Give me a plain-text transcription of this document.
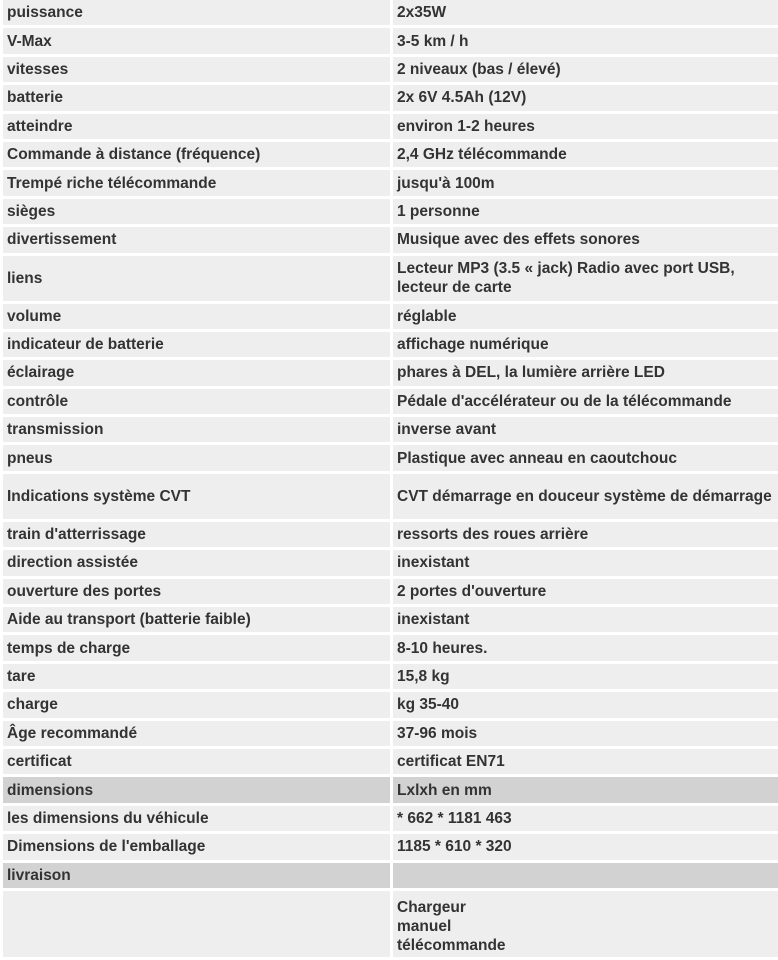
puissance	2x35W
V-Max	3-5 km / h
vitesses	2 niveaux (bas / élevé)
batterie	2x 6V 4.5Ah (12V)
atteindre	environ 1-2 heures
Commande à distance (fréquence)	2,4 GHz télécommande
Trempé riche télécommande	jusqu'à 100m
sièges	1 personne
divertissement	Musique avec des effets sonores
liens	Lecteur MP3 (3.5 « jack) Radio avec port USB, lecteur de carte
volume	réglable
indicateur de batterie	affichage numérique
éclairage	phares à DEL, la lumière arrière LED
contrôle	Pédale d'accélérateur ou de la télécommande
transmission	inverse avant
pneus	Plastique avec anneau en caoutchouc
Indications système CVT	CVT démarrage en douceur système de démarrage
train d'atterrissage	ressorts des roues arrière
direction assistée	inexistant
ouverture des portes	2 portes d'ouverture
Aide au transport (batterie faible)	inexistant
temps de charge	8-10 heures.
tare	15,8 kg
charge	kg 35-40
Âge recommandé	37-96 mois
certificat	certificat EN71
dimensions	Lxlxh en mm
les dimensions du véhicule	* 662 * 1181 463
Dimensions de l'emballage	1185 * 610 * 320
livraison	

	Chargeur
manuel
télécommande
